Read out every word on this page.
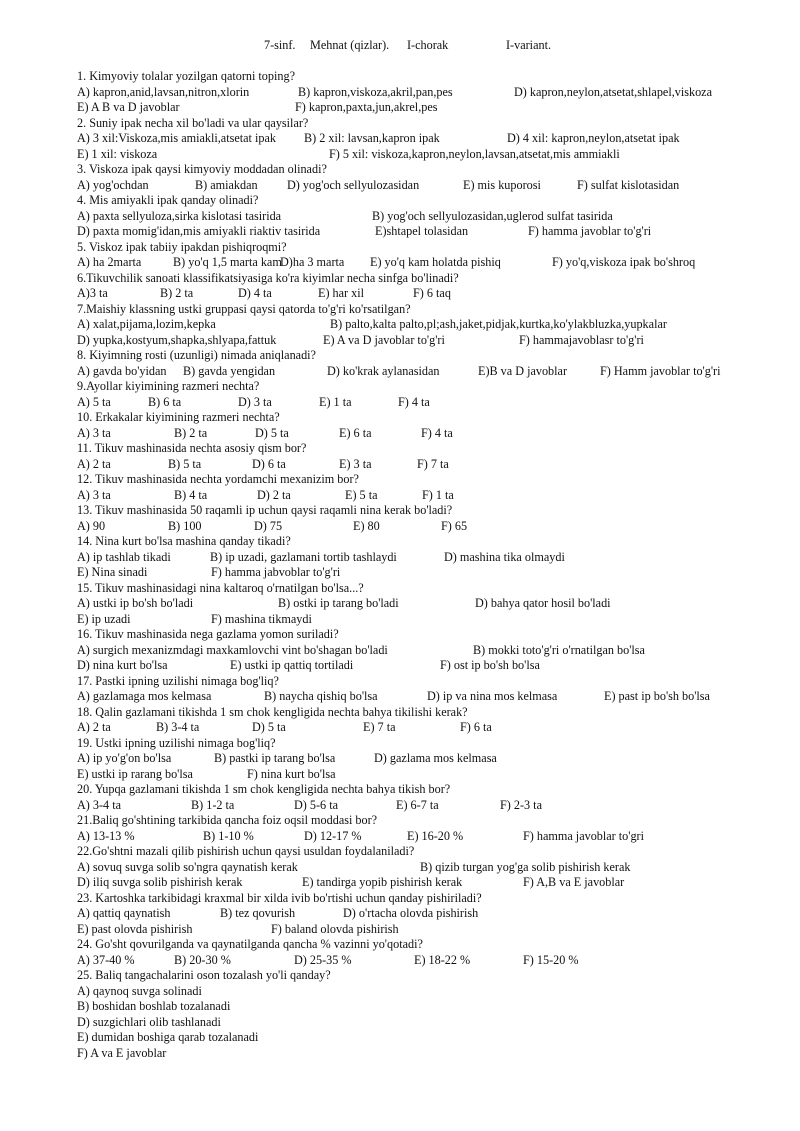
7-sinf. Mehnat (qizlar). I-chorak	I-variant.
1. Kimyoviy tolalar yozilgan qatorni toping?
A) kapron,anid,lavsan,nitron,xlorin	B) kapron,viskoza,akril,pan,pes	D) kapron,neylon,atsetat,shlapel,viskoza
E) A B va D javoblar	F) kapron,paxta,jun,akrel,pes
2. Suniy ipak necha xil bo'ladi va ular qaysilar?
A) 3 xil:Viskoza,mis amiakli,atsetat ipak B) 2 xil: lavsan,kapron ipak	D) 4 xil: kapron,neylon,atsetat ipak
E) 1 xil: viskoza	F) 5 xil: viskoza,kapron,neylon,lavsan,atsetat,mis ammiakli
3. Viskoza ipak qaysi kimyoviy moddadan olinadi?
A) yog'ochdan	B) amiakdan D) yog'och sellyulozasidan	E) mis kuporosi	F) sulfat kislotasidan
4. Mis amiyakli ipak qanday olinadi?
A) paxta sellyuloza,sirka kislotasi tasirida	B) yog'och sellyulozasidan,uglerod sulfat tasirida
D) paxta momig'idan,mis amiyakli riaktiv tasirida	E)shtapel tolasidan	F) hamma javoblar to'g'ri
5. Viskoz ipak tabiiy ipakdan pishiqroqmi?
A) ha 2marta	B) yo'q 1,5 marta kam
D)ha 3 marta E) yo'q kam holatda pishiq	F) yo'q,viskoza ipak bo'shroq
6.Tikuvchilik sanoati klassifikatsiyasiga ko'ra kiyimlar necha sinfga bo'linadi?
A)3 ta	B) 2 ta	D) 4 ta	E) har xil	F) 6 taq
7.Maishiy klassning ustki gruppasi qaysi qatorda to'g'ri ko'rsatilgan?
A) xalat,pijama,lozim,kepka	B) palto,kalta palto,pl;ash,jaket,pidjak,kurtka,ko'ylakbluzka,yupkalar
D) yupka,kostyum,shapka,shlyapa,fattuk	E) A va D javoblar to'g'ri	F) hammajavoblasr to'g'ri
8. Kiyimning rosti (uzunligi) nimada aniqlanadi?
A) gavda bo'yidan B) gavda yengidan	D) ko'krak aylanasidan	E)B va D javoblar	F) Hamm javoblar to'g'ri
9.Ayollar kiyimining razmeri nechta?
A) 5 ta	B) 6 ta	D) 3 ta	E) 1 ta	F) 4 ta
10. Erkakalar kiyimining razmeri nechta?
A) 3 ta	B) 2 ta	D) 5 ta	E) 6 ta	F) 4 ta
11. Tikuv mashinasida nechta asosiy qism bor?
A) 2 ta	B) 5 ta	D) 6 ta	E) 3 ta	F) 7 ta
12. Tikuv mashinasida nechta yordamchi mexanizim bor?
A) 3 ta	B) 4 ta	D) 2 ta	E) 5 ta	F) 1 ta
13. Tikuv mashinasida 50 raqamli ip uchun qaysi raqamli nina kerak bo'ladi?
A) 90	B) 100	D) 75	E) 80	F) 65
14. Nina kurt bo'lsa mashina qanday tikadi?
A) ip tashlab tikadi	B) ip uzadi, gazlamani tortib tashlaydi	D) mashina tika olmaydi
E) Nina sinadi	F) hamma jabvoblar to'g'ri
15. Tikuv mashinasidagi nina kaltaroq o'rnatilgan bo'lsa...?
A) ustki ip bo'sh bo'ladi	B) ostki ip tarang bo'ladi	D) bahya qator hosil bo'ladi
E) ip uzadi	F) mashina tikmaydi
16. Tikuv mashinasida nega gazlama yomon suriladi?
A) surgich mexanizmdagi maxkamlovchi vint bo'shagan bo'ladi	B) mokki toto'g'ri o'rnatilgan bo'lsa
D) nina kurt bo'lsa	E) ustki ip qattiq tortiladi	F) ost ip bo'sh bo'lsa
17. Pastki ipning uzilishi nimaga bog'liq?
A) gazlamaga mos kelmasa	B) naycha qishiq bo'lsa	D) ip va nina mos kelmasa	E) past ip bo'sh bo'lsa
18. Qalin gazlamani tikishda 1 sm chok kengligida nechta bahya tikilishi kerak?
A) 2 ta	B) 3-4 ta	D) 5 ta	E) 7 ta	F) 6 ta
19. Ustki ipning uzilishi nimaga bog'liq?
A) ip yo'g'on bo'lsa	B) pastki ip tarang bo'lsa	D) gazlama mos kelmasa
E) ustki ip rarang bo'lsa	F) nina kurt bo'lsa
20. Yupqa gazlamani tikishda 1 sm chok kengligida nechta bahya tikish bor?
A) 3-4 ta	B) 1-2 ta	D) 5-6 ta	E) 6-7 ta	F) 2-3 ta
21.Baliq go'shtining tarkibida qancha foiz oqsil moddasi bor?
A) 13-13 %	B) 1-10 %	D) 12-17 %	E) 16-20 %	F) hamma javoblar to'gri
22.Go'shtni mazali qilib pishirish uchun qaysi usuldan foydalaniladi?
A) sovuq suvga solib so'ngra qaynatish kerak	B) qizib turgan yog'ga solib pishirish kerak
D) iliq suvga solib pishirish kerak	E) tandirga yopib pishirish kerak	F) A,B va E javoblar
23. Kartoshka tarkibidagi kraxmal bir xilda ivib bo'rtishi uchun qanday pishiriladi?
A) qattiq qaynatish	B) tez qovurish	D) o'rtacha olovda pishirish
E) past olovda pishirish	F) baland olovda pishirish
24. Go'sht qovurilganda va qaynatilganda qancha % vazinni yo'qotadi?
A) 37-40 %	B) 20-30 %	D) 25-35 %	E) 18-22 %	F) 15-20 %
25. Baliq tangachalarini oson tozalash yo'li qanday?
A) qaynoq suvga solinadi
B) boshidan boshlab tozalanadi
D) suzgichlari olib tashlanadi
E) dumidan boshiga qarab tozalanadi
F) A va E javoblar
